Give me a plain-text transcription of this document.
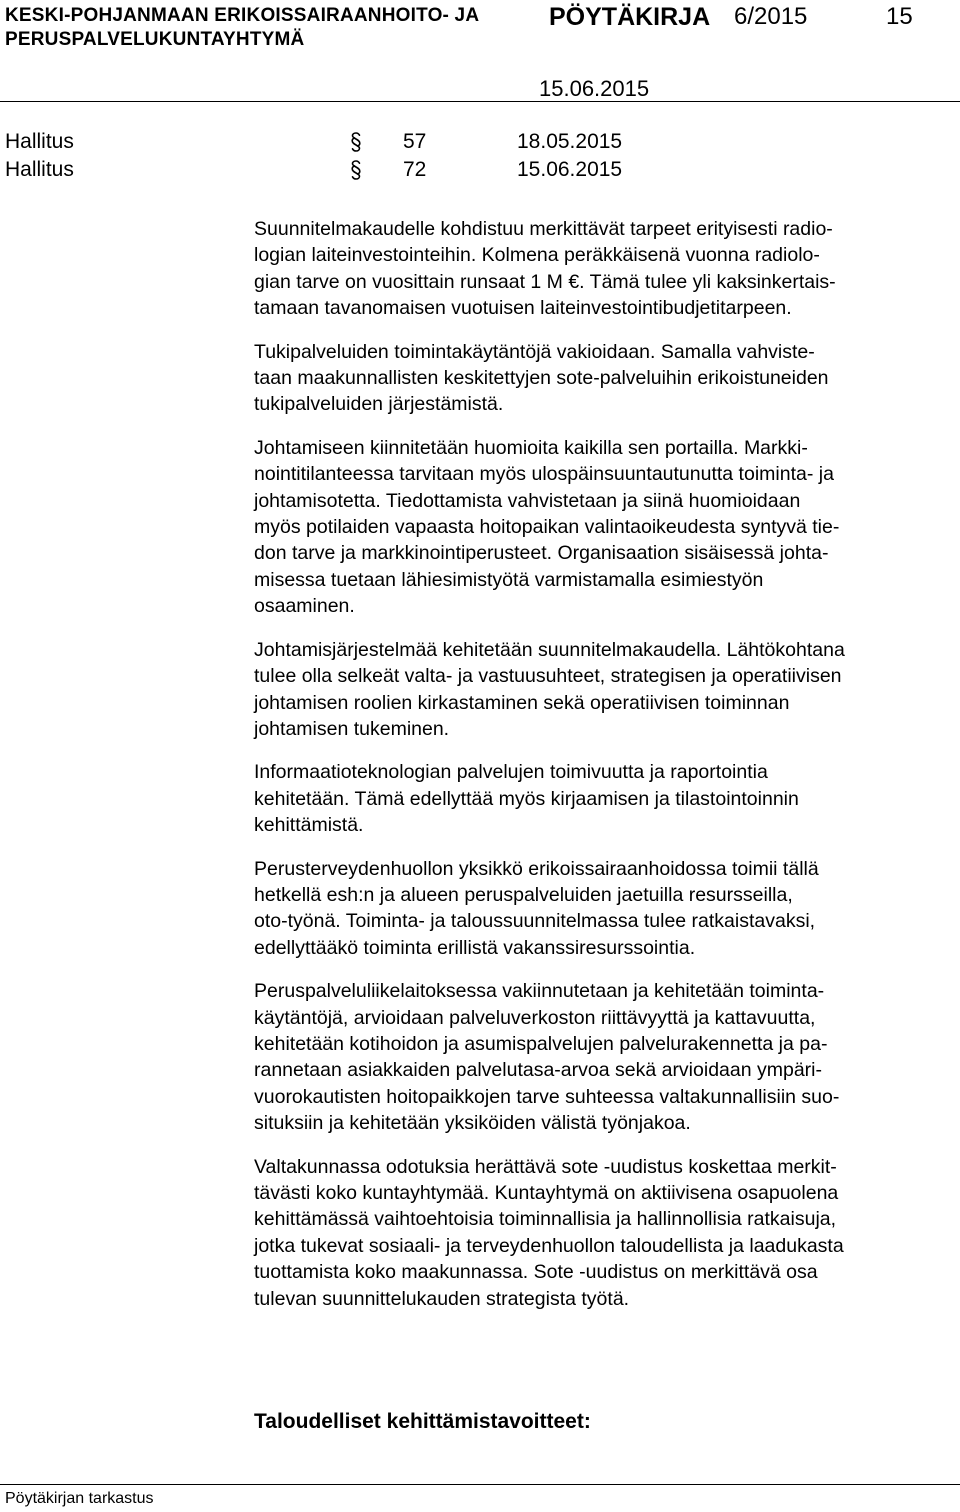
KESKI-POHJANMAAN ERIKOISSAIRAANHOITO- JA
PERUSPALVELUKUNTAYHTYMÄ
PÖYTÄKIRJA 6/2015	15
15.06.2015
Hallitus	57	18.05.2015
Hallitus	72	15.06.2015

Suunnitelmakaudelle kohdistuu merkittävät tarpeet erityisesti radio-
logian laiteinvestointeihin. Kolmena peräkkäisenä vuonna radiolo-
gian tarve on vuosittain runsaat 1 M €. Tämä tulee yli kaksinkertais-
tamaan tavanomaisen vuotuisen laiteinvestointibudjetitarpeen.

Tukipalveluiden toimintakäytäntöjä vakioidaan. Samalla vahviste-
taan maakunnallisten keskitettyjen sote-palveluihin erikoistuneiden
tukipalveluiden järjestämistä.

Johtamiseen kiinnitetään huomioita kaikilla sen portailla. Markki-
nointitilanteessa tarvitaan myös ulospäinsuuntautunutta toiminta- ja
johtamisotetta. Tiedottamista vahvistetaan ja siinä huomioidaan
myös potilaiden vapaasta hoitopaikan valintaoikeudesta syntyvä tie-
don tarve ja markkinointiperusteet. Organisaation sisäisessä johta-
misessa tuetaan lähiesimistyötä varmistamalla esimiestyön
osaaminen.

Johtamisjärjestelmää kehitetään suunnitelmakaudella. Lähtökohtana
tulee olla selkeät valta- ja vastuusuhteet, strategisen ja operatiivisen
johtamisen roolien kirkastaminen sekä operatiivisen toiminnan
johtamisen tukeminen.

Informaatioteknologian palvelujen toimivuutta ja raportointia
kehitetään. Tämä edellyttää myös kirjaamisen ja tilastointoinnin
kehittämistä.

Perusterveydenhuollon yksikkö erikoissairaanhoidossa toimii tällä
hetkellä esh:n ja alueen peruspalveluiden jaetuilla resursseilla,
oto-työnä. Toiminta- ja taloussuunnitelmassa tulee ratkaistavaksi,
edellyttääkö toiminta erillistä vakanssiresurssointia.

Peruspalveluliikelaitoksessa vakiinnutetaan ja kehitetään toiminta-
käytäntöjä, arvioidaan palveluverkoston riittävyyttä ja kattavuutta,
kehitetään kotihoidon ja asumispalvelujen palvelurakennetta ja pa-
rannetaan asiakkaiden palvelutasa-arvoa sekä arvioidaan ympäri-
vuorokautisten hoitopaikkojen tarve suhteessa valtakunnallisiin suo-
situksiin ja kehitetään yksiköiden välistä työnjakoa.

Valtakunnassa odotuksia herättävä sote -uudistus koskettaa merkit-
tävästi koko kuntayhtymää. Kuntayhtymä on aktiivisena osapuolena
kehittämässä vaihtoehtoisia toiminnallisia ja hallinnollisia ratkaisuja,
jotka tukevat sosiaali- ja terveydenhuollon taloudellista ja laadukasta
tuottamista koko maakunnassa. Sote -uudistus on merkittävä osa
tulevan suunnittelukauden strategista työtä.

Taloudelliset kehittämistavoitteet:
Pöytäkirjan tarkastus
